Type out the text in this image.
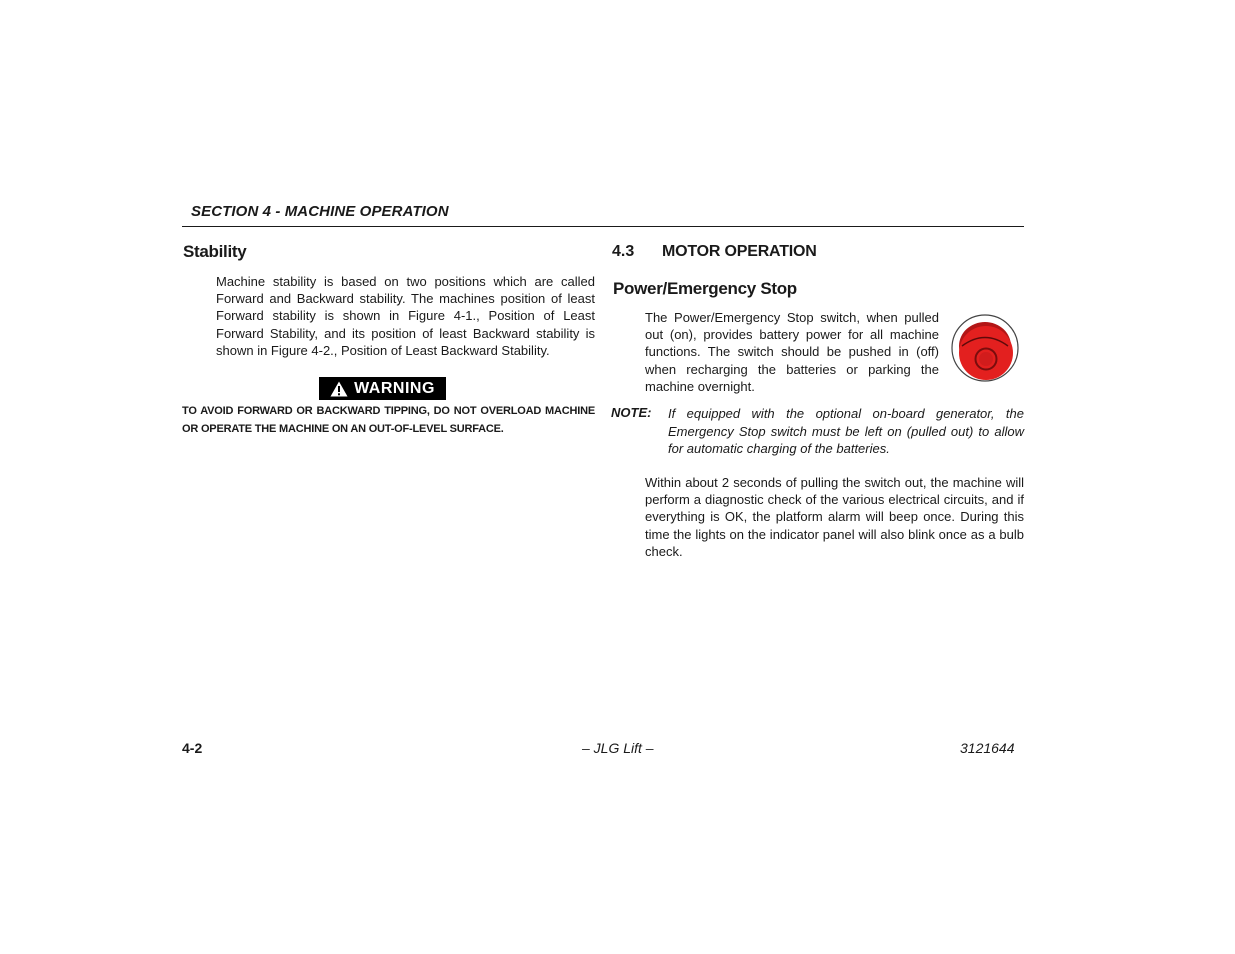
SECTION 4 - MACHINE OPERATION
Stability
Machine stability is based on two positions which are called Forward and Backward stability. The machines position of least Forward stability is shown in Figure 4-1., Position of Least Forward Stability, and its position of least Backward stability is shown in Figure 4-2., Position of Least Backward Stability.
WARNING
TO AVOID FORWARD OR BACKWARD TIPPING, DO NOT OVERLOAD MACHINE OR OPERATE THE MACHINE ON AN OUT-OF-LEVEL SURFACE.
4.3 MOTOR OPERATION
Power/Emergency Stop
The Power/Emergency Stop switch, when pulled out (on), provides battery power for all machine functions. The switch should be pushed in (off) when recharging the batteries or parking the machine overnight.
NOTE: If equipped with the optional on-board generator, the Emergency Stop switch must be left on (pulled out) to allow for automatic charging of the batteries.
Within about 2 seconds of pulling the switch out, the machine will perform a diagnostic check of the various electrical circuits, and if everything is OK, the platform alarm will beep once. During this time the lights on the indicator panel will also blink once as a bulb check.
4-2	– JLG Lift –	3121644
